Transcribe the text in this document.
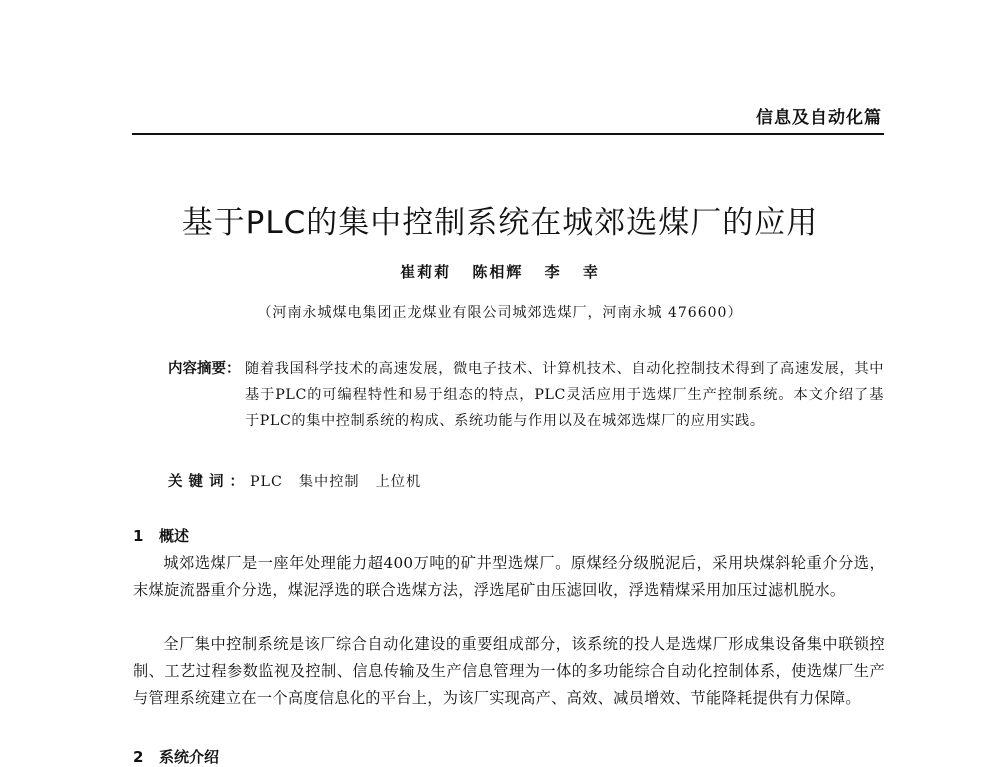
信息及自动化篇
基于PLC的集中控制系统在城郊选煤厂的应用
崔莉莉 陈相辉 李 幸
（河南永城煤电集团正龙煤业有限公司城郊选煤厂，河南永城 476600）
内容摘要： 随着我国科学技术的高速发展，微电子技术、计算机技术、自动化控制技术得到了高速发展，其中基于PLC的可编程特性和易于组态的特点，PLC灵活应用于选煤厂生产控制系统。本文介绍了基于PLC的集中控制系统的构成、系统功能与作用以及在城郊选煤厂的应用实践。
关键词：PLC 集中控制 上位机
1 概述
城郊选煤厂是一座年处理能力超400万吨的矿井型选煤厂。原煤经分级脱泥后，采用块煤斜轮重介分选，末煤旋流器重介分选，煤泥浮选的联合选煤方法，浮选尾矿由压滤回收，浮选精煤采用加压过滤机脱水。
全厂集中控制系统是该厂综合自动化建设的重要组成部分，该系统的投人是选煤厂形成集设备集中联锁控制、工艺过程参数监视及控制、信息传输及生产信息管理为一体的多功能综合自动化控制体系，使选煤厂生产与管理系统建立在一个高度信息化的平台上，为该厂实现高产、高效、减员增效、节能降耗提供有力保障。
2 系统介绍
